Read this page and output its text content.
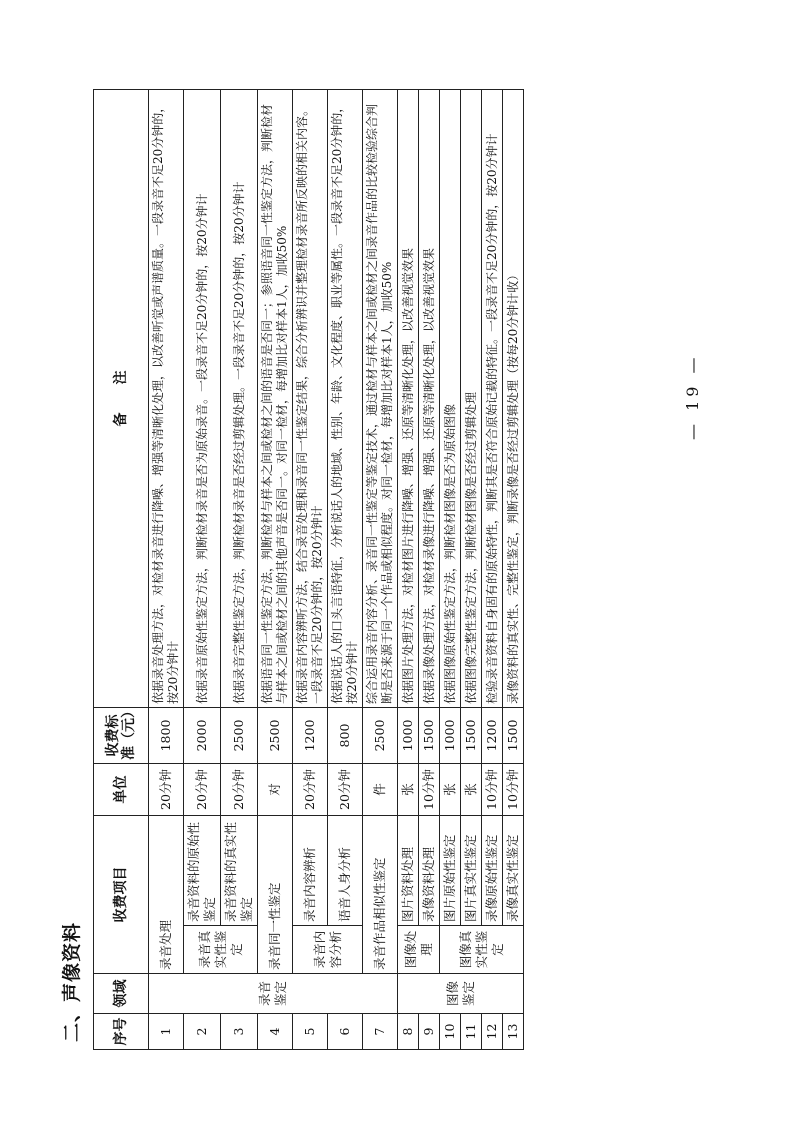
二、声像资料 序号	领域	收费项目		单位	收费标准（元）	备　　注
1	录音鉴定	录音处理		20分钟	1800	依据录音处理方法，对检材录音进行降噪、增强等清晰化处理，以改善听觉或声谱质量。一段录音不足20分钟的，按20分钟计
2		录音真实性鉴定	录音资料的原始性鉴定	20分钟	2000	依据录音原始性鉴定方法，判断检材录音是否为原始录音。一段录音不足20分钟的，按20分钟计
3			录音资料的真实性鉴定	20分钟	2500	依据录音完整性鉴定方法，判断检材录音是否经过剪辑处理。一段录音不足20分钟的，按20分钟计
4		录音同一性鉴定		对	2500	依据语音同一性鉴定方法，判断检材与样本之间或检材之间的语音是否同一；参照语音同一性鉴定方法，判断检材与样本之间或检材之间的其他声音是否同一。对同一检材，每增加比对样本1人，加收50%
5		录音内容分析	录音内容辨析	20分钟	1200	依据录音内容辨听方法，结合录音处理和录音同一性鉴定结果，综合分析辨识并整理检材录音所反映的相关内容。一段录音不足20分钟的，按20分钟计
6			语音人身分析	20分钟	800	依据说话人的口头言语特征，分析说话人的地域、性别、年龄、文化程度、职业等属性。一段录音不足20分钟的，按20分钟计
7		录音作品相似性鉴定		件	2500	综合运用录音内容分析、录音同一性鉴定等鉴定技术，通过检材与样本之间或检材之间录音作品的比较检验综合判断是否来源于同一个作品或相似程度。对同一检材，每增加比对样本1人，加收50%
8	图像鉴定	图像处理	图片资料处理	张	1000	依据图片处理方法，对检材图片进行降噪、增强、还原等清晰化处理，以改善视觉效果
9			录像资料处理	10分钟	1500	依据录像处理方法，对检材录像进行降噪、增强、还原等清晰化处理，以改善视觉效果
10		图像真实性鉴定	图片原始性鉴定	张	1000	依据图像原始性鉴定方法，判断检材图像是否为原始图像
11			图片真实性鉴定	张	1500	依据图像完整性鉴定方法，判断检材图像是否经过剪辑处理
12			录像原始性鉴定	10分钟	1200	检验录音资料自身固有的原始特性，判断其是否符合原始记载的特征。一段录音不足20分钟的，按20分钟计
13			录像真实性鉴定	10分钟	1500	录像资料的真实性、完整性鉴定，判断录像是否经过剪辑处理（按每20分钟计收）	— 19 —
